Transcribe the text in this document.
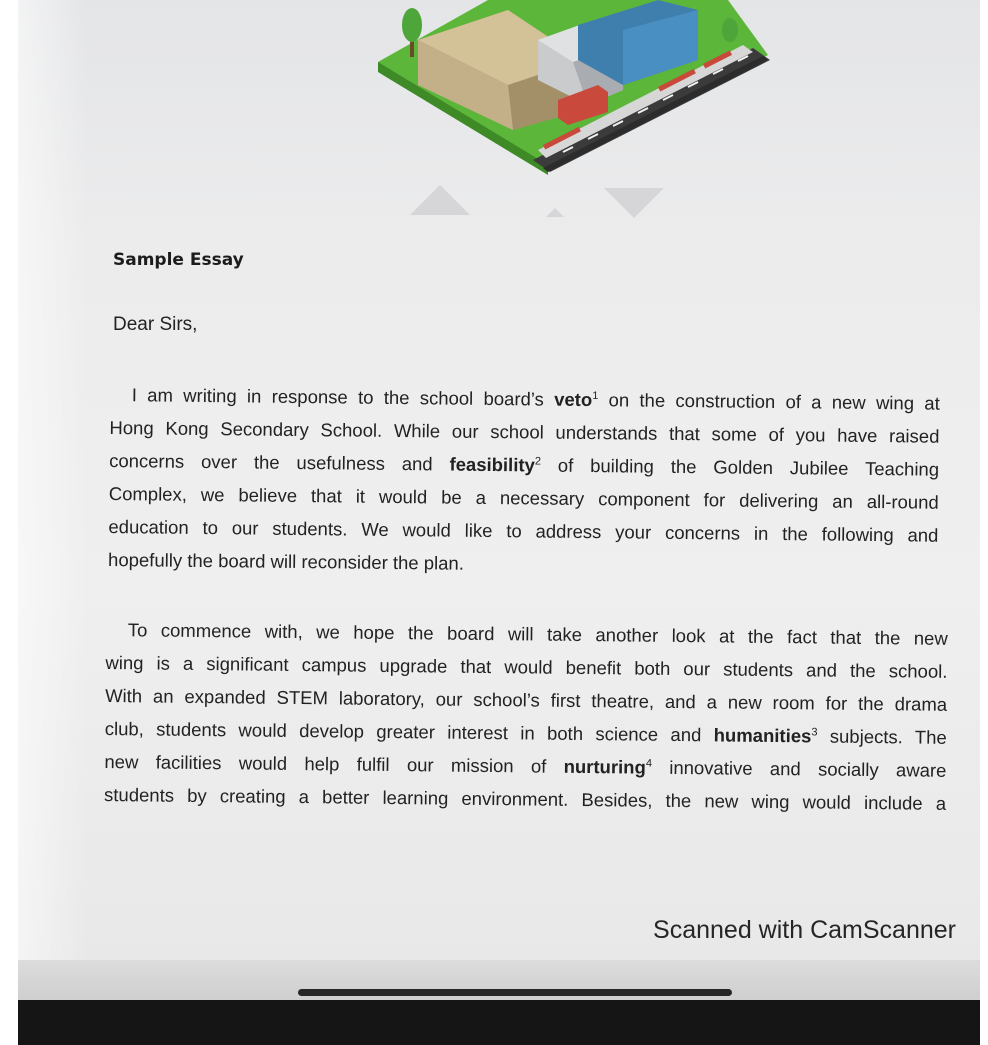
Sample Essay
Dear Sirs,
I am writing in response to the school board’s veto$^1$ on the construction of a new wing at
Hong Kong Secondary School. While our school understands that some of you have raised
concerns over the usefulness and feasibility$^2$ of building the Golden Jubilee Teaching
Complex, we believe that it would be a necessary component for delivering an all-round
education to our students. We would like to address your concerns in the following and
hopefully the board will reconsider the plan.
To commence with, we hope the board will take another look at the fact that the new
wing is a significant campus upgrade that would benefit both our students and the school.
With an expanded STEM laboratory, our school’s first theatre, and a new room for the drama
club, students would develop greater interest in both science and humanities$^3$ subjects. The
new facilities would help fulfil our mission of nurturing$^4$ innovative and socially aware
students by creating a better learning environment. Besides, the new wing would include a
Scanned with CamScanner
